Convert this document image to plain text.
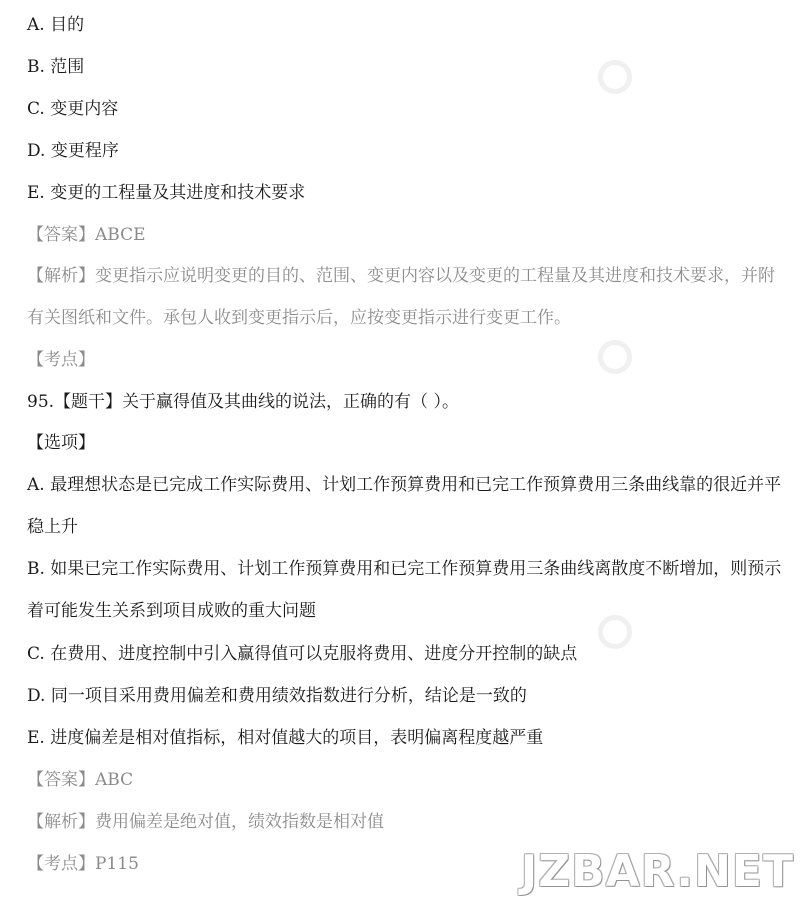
A. 目的
B. 范围
C. 变更内容
D. 变更程序
E. 变更的工程量及其进度和技术要求
【答案】ABCE
【解析】变更指示应说明变更的目的、范围、变更内容以及变更的工程量及其进度和技术要求，并附有关图纸和文件。承包人收到变更指示后，应按变更指示进行变更工作。
【考点】
95.【题干】关于赢得值及其曲线的说法，正确的有（ ）。
【选项】
A. 最理想状态是已完成工作实际费用、计划工作预算费用和已完工作预算费用三条曲线靠的很近并平稳上升
B. 如果已完工作实际费用、计划工作预算费用和已完工作预算费用三条曲线离散度不断增加，则预示着可能发生关系到项目成败的重大问题
C. 在费用、进度控制中引入赢得值可以克服将费用、进度分开控制的缺点
D. 同一项目采用费用偏差和费用绩效指数进行分析，结论是一致的
E. 进度偏差是相对值指标，相对值越大的项目，表明偏离程度越严重
【答案】ABC
【解析】费用偏差是绝对值，绩效指数是相对值
【考点】P115	JZBAR.NET
